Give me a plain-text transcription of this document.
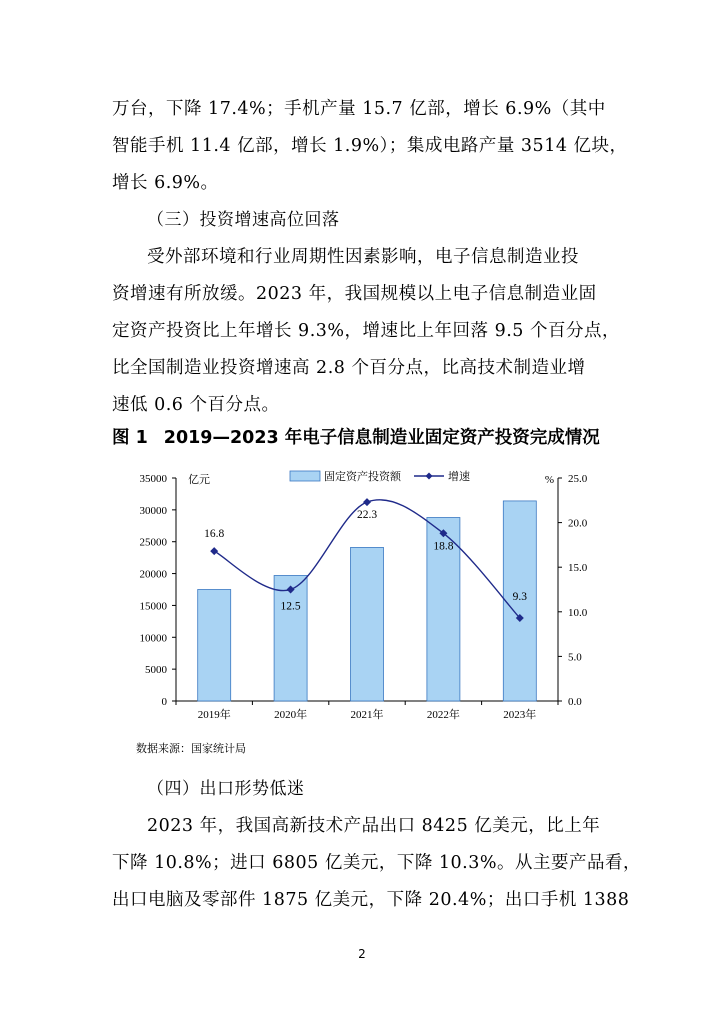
万台，下降 17.4%；手机产量 15.7 亿部，增长 6.9%（其中
智能手机 11.4 亿部，增长 1.9%）；集成电路产量 3514 亿块，
增长 6.9%。
（三）投资增速高位回落
受外部环境和行业周期性因素影响，电子信息制造业投
资增速有所放缓。2023 年，我国规模以上电子信息制造业固
定资产投资比上年增长 9.3%，增速比上年回落 9.5 个百分点，
比全国制造业投资增速高 2.8 个百分点，比高技术制造业增
速低 0.6 个百分点。
图 1 2019—2023 年电子信息制造业固定资产投资完成情况
0
5000
10000
15000
20000
25000
30000
35000
0.0
5.0
10.0
15.0
20.0
25.0
亿元	%
2019年	2020年	2021年	2022年	2023年
16.8
12.5
22.3
18.8
9.3
固定资产投资额	增速
数据来源：国家统计局
（四）出口形势低迷
2023 年，我国高新技术产品出口 8425 亿美元，比上年
下降 10.8%；进口 6805 亿美元，下降 10.3%。从主要产品看，
出口电脑及零部件 1875 亿美元，下降 20.4%；出口手机 1388
2
